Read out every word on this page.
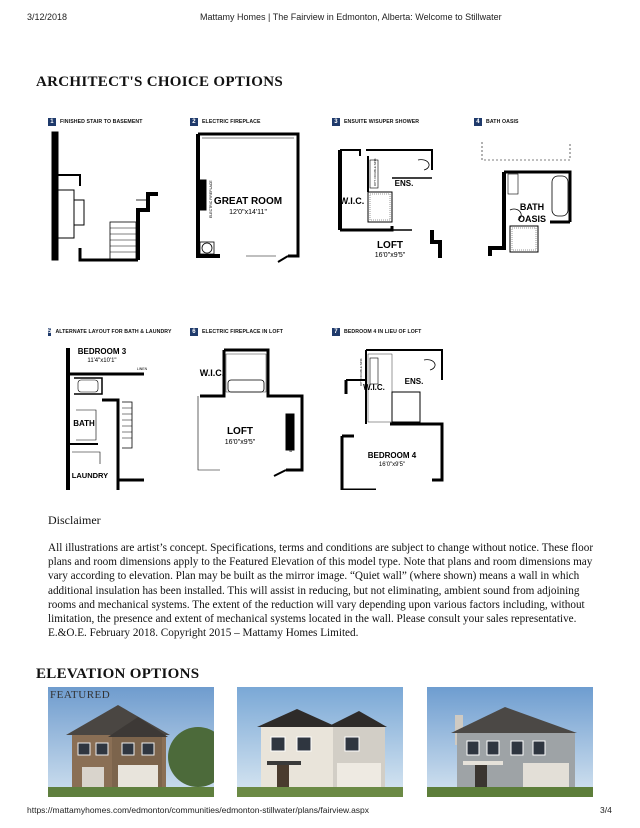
3/12/2018	Mattamy Homes | The Fairview in Edmonton, Alberta: Welcome to Stillwater
ARCHITECT'S CHOICE OPTIONS
1	FINISHED STAIR TO BASEMENT	2	ELECTRIC FIREPLACE
GREAT ROOM
12'0"x14'11"
ELECTRIC FIREPLACE
3	ENSUITE W/SUPER SHOWER
W.I.C.
ENS.
LOFT
16'0"x9'5"
OPT. DOUBLE SINK
4	BATH OASIS
BATH
OASIS
5 ALTERNATE LAYOUT FOR BATH & LAUNDRY
BEDROOM 3
11'4"x10'1"
BATH
LAUNDRY
LINEN
6	ELECTRIC FIREPLACE IN LOFT
W.I.C.
LOFT
16'0"x9'5"	ELECTRIC FIREPLACE
7	BEDROOM 4 IN LIEU OF LOFT
W.I.C.
ENS.
BEDROOM 4
16'0"x9'5"
OPT. DOUBLE SINK
Disclaimer
All illustrations are artist’s concept. Specifications, terms and conditions are subject to change without notice. These floor plans and room dimensions apply to the Featured Elevation of this model type. Note that plans and room dimensions may vary according to elevation. Plan may be built as the mirror image. “Quiet wall” (where shown) means a wall in which additional insulation has been installed. This will assist in reducing, but not eliminating, ambient sound from adjoining rooms and mechanical systems. The extent of the reduction will vary depending upon various factors including, without limitation, the presence and extent of mechanical systems located in the wall. Please consult your sales representative. E.&O.E. February 2018. Copyright 2015 – Mattamy Homes Limited.
ELEVATION OPTIONS
FEATURED
https://mattamyhomes.com/edmonton/communities/edmonton-stillwater/plans/fairview.aspx	3/4
